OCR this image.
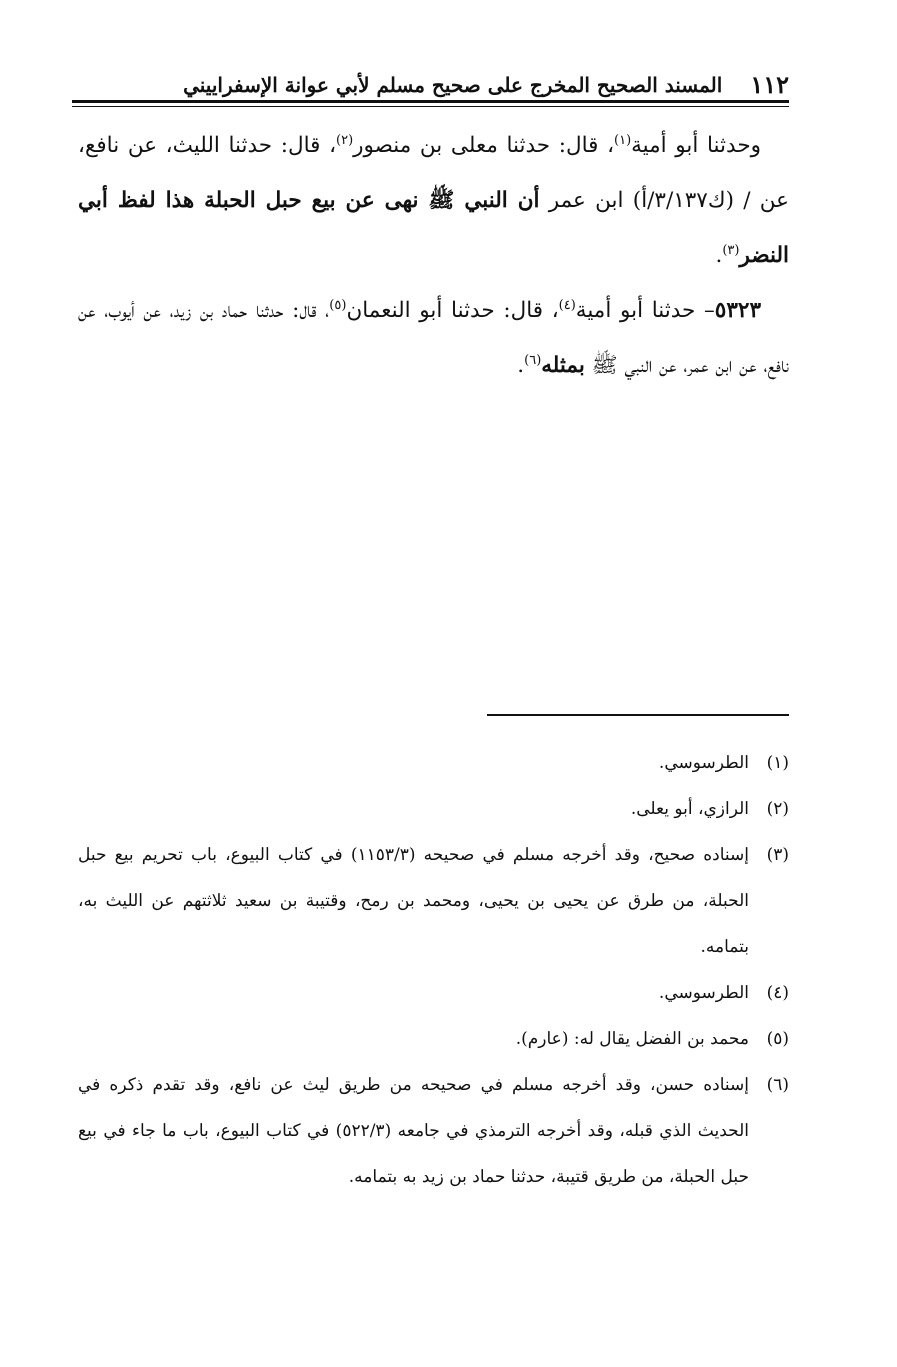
١١٢
المسند الصحيح المخرج على صحيح مسلم لأبي عوانة الإسفراييني

وحدثنا أبو أمية$^{(١)}$، قال: حدثنا معلى بن منصور$^{(٢)}$، قال: حدثنا الليث، عن نافع، عن / (ك٣/١٣٧/أ) ابن عمر أن النبي ﷺ نهى عن بيع حبل الحبلة هذا لفظ أبي النضر$^{(٣)}$.

٥٣٢٣– حدثنا أبو أمية$^{(٤)}$، قال: حدثنا أبو النعمان$^{(٥)}$، قال: حدثنا حماد بن زيد، عن أيوب، عن نافع، عن ابن عمر، عن النبي ﷺ بمثله$^{(٦)}$.

(١)
الطرسوسي.
(٢)
الرازي، أبو يعلى.
(٣)
إسناده صحيح، وقد أخرجه مسلم في صحيحه (١١٥٣/٣) في كتاب البيوع، باب تحريم بيع حبل الحبلة، من طرق عن يحيى بن يحيى، ومحمد بن رمح، وقتيبة بن سعيد ثلاثتهم عن الليث به، بتمامه.
(٤)
الطرسوسي.
(٥)
محمد بن الفضل يقال له: (عارم).
(٦)
إسناده حسن، وقد أخرجه مسلم في صحيحه من طريق ليث عن نافع، وقد تقدم ذكره في الحديث الذي قبله، وقد أخرجه الترمذي في جامعه (٥٢٢/٣) في كتاب البيوع، باب ما جاء في بيع حبل الحبلة، من طريق قتيبة، حدثنا حماد بن زيد به بتمامه.
